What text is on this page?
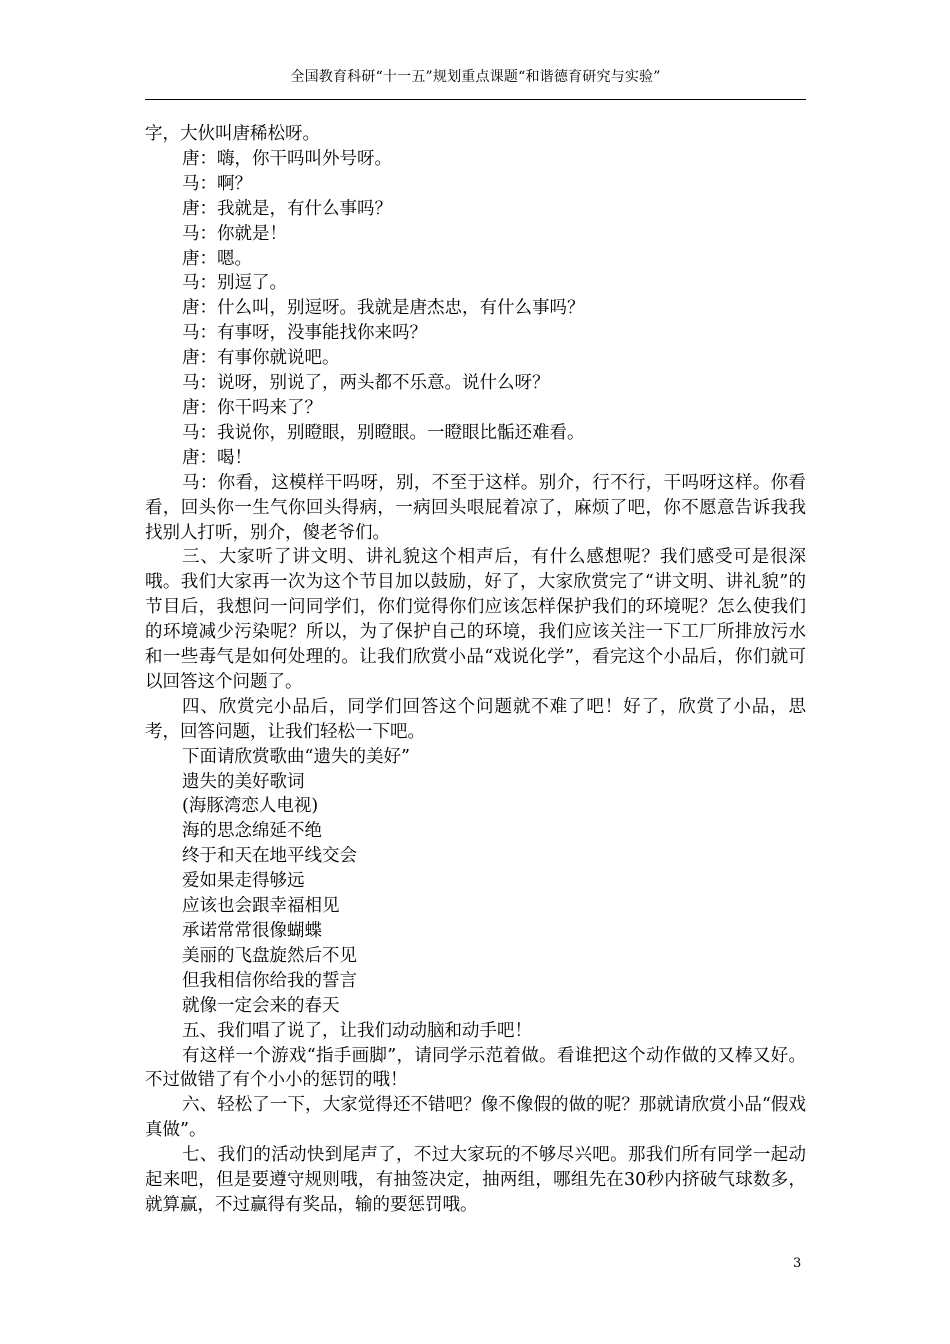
全国教育科研“十一五”规划重点课题“和谐德育研究与实验”

字，大伙叫唐稀松呀。

唐：嗨，你干吗叫外号呀。

马：啊？

唐：我就是，有什么事吗？

马：你就是！

唐：嗯。

马：别逗了。

唐：什么叫，别逗呀。我就是唐杰忠，有什么事吗？

马：有事呀，没事能找你来吗？

唐：有事你就说吧。

马：说呀，别说了，两头都不乐意。说什么呀？

唐：你干吗来了？

马：我说你，别瞪眼，别瞪眼。一瞪眼比骺还难看。

唐：喝！

马：你看，这模样干吗呀，别，不至于这样。别介，行不行，干吗呀这样。你看看，回头你一生气你回头得病，一病回头哏屁着凉了，麻烦了吧，你不愿意告诉我我找别人打听，别介，傻老爷们。

三、大家听了讲文明、讲礼貌这个相声后，有什么感想呢？我们感受可是很深哦。我们大家再一次为这个节目加以鼓励，好了，大家欣赏完了“讲文明、讲礼貌”的节目后，我想问一问同学们，你们觉得你们应该怎样保护我们的环境呢？怎么使我们的环境减少污染呢？所以，为了保护自己的环境，我们应该关注一下工厂所排放污水和一些毒气是如何处理的。让我们欣赏小品“戏说化学”，看完这个小品后，你们就可以回答这个问题了。

四、欣赏完小品后，同学们回答这个问题就不难了吧！好了，欣赏了小品，思考，回答问题，让我们轻松一下吧。

下面请欣赏歌曲“遗失的美好”

遗失的美好歌词

(海豚湾恋人电视)

海的思念绵延不绝

终于和天在地平线交会

爱如果走得够远

应该也会跟幸福相见

承诺常常很像蝴蝶

美丽的飞盘旋然后不见

但我相信你给我的誓言

就像一定会来的春天

五、我们唱了说了，让我们动动脑和动手吧！

有这样一个游戏“指手画脚”，请同学示范着做。看谁把这个动作做的又棒又好。不过做错了有个小小的惩罚的哦！

六、轻松了一下，大家觉得还不错吧？像不像假的做的呢？那就请欣赏小品“假戏真做”。

七、我们的活动快到尾声了，不过大家玩的不够尽兴吧。那我们所有同学一起动起来吧，但是要遵守规则哦，有抽签决定，抽两组，哪组先在30秒内挤破气球数多，就算赢，不过赢得有奖品，输的要惩罚哦。

3
